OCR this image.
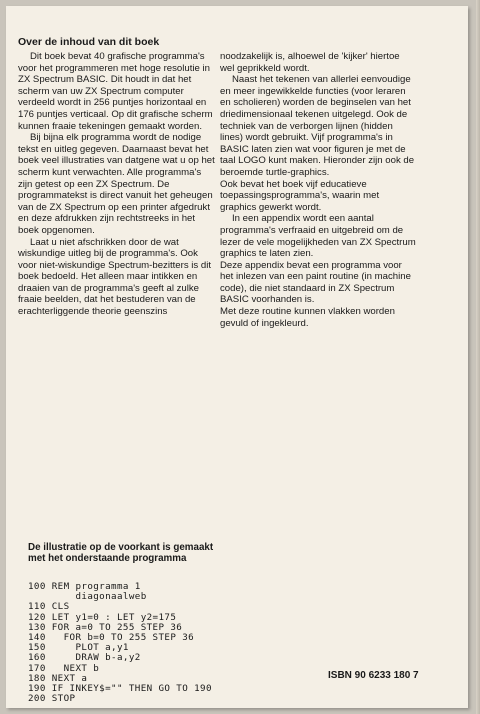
Over de inhoud van dit boek

Dit boek bevat 40 grafische programma's voor het programmeren met hoge resolutie in ZX Spectrum BASIC. Dit houdt in dat het scherm van uw ZX Spectrum computer verdeeld wordt in 256 puntjes horizontaal en 176 puntjes verticaal. Op dit grafische scherm kunnen fraaie tekeningen gemaakt worden.

Bij bijna elk programma wordt de nodige tekst en uitleg gegeven. Daarnaast bevat het boek veel illustraties van datgene wat u op het scherm kunt verwachten. Alle programma's zijn getest op een ZX Spectrum. De programmatekst is direct vanuit het geheugen van de ZX Spectrum op een printer afgedrukt en deze afdrukken zijn rechtstreeks in het boek opgenomen.

Laat u niet afschrikken door de wat wiskundige uitleg bij de programma's. Ook voor niet-wiskundige Spectrum-bezitters is dit boek bedoeld. Het alleen maar intikken en draaien van de programma's geeft al zulke fraaie beelden, dat het bestuderen van de erachterliggende theorie geenszins

noodzakelijk is, alhoewel de 'kijker' hiertoe wel geprikkeld wordt.

Naast het tekenen van allerlei eenvoudige en meer ingewikkelde functies (voor leraren en scholieren) worden de beginselen van het driedimensionaal tekenen uitgelegd. Ook de techniek van de verborgen lijnen (hidden lines) wordt gebruikt. Vijf programma's in BASIC laten zien wat voor figuren je met de taal LOGO kunt maken. Hieronder zijn ook de beroemde turtle-graphics.

Ook bevat het boek vijf educatieve toepassingsprogramma's, waarin met graphics gewerkt wordt.

In een appendix wordt een aantal programma's verfraaid en uitgebreid om de lezer de vele mogelijkheden van ZX Spectrum graphics te laten zien.

Deze appendix bevat een programma voor het inlezen van een paint routine (in machine code), die niet standaard in ZX Spectrum BASIC voorhanden is.

Met deze routine kunnen vlakken worden gevuld of ingekleurd.

De illustratie op de voorkant is gemaakt met het onderstaande programma
100 REM programma 1
diagonaalweb
110 CLS
120 LET y1=0 : LET y2=175
130 FOR a=0 TO 255 STEP 36
140   FOR b=0 TO 255 STEP 36
150     PLOT a,y1
160     DRAW b-a,y2
170   NEXT b
180 NEXT a
190 IF INKEY$="" THEN GO TO 190
200 STOP
ISBN 90 6233 180 7
